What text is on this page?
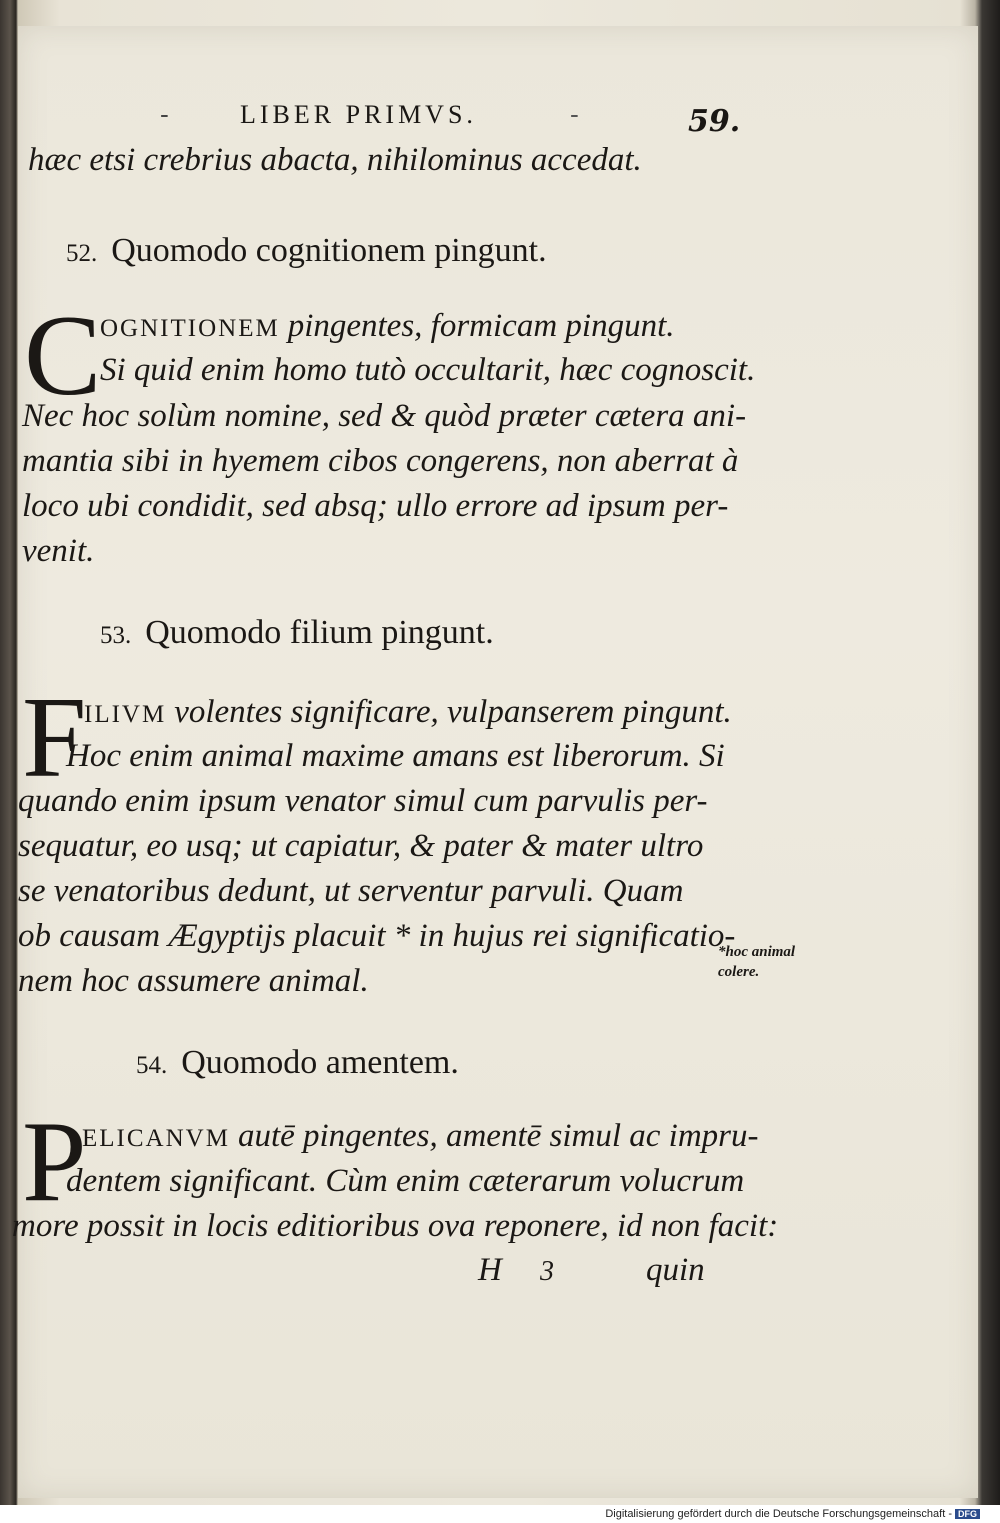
-	LIBER PRIMVS.	-	59.
hæc etsi crebrius abacta, nihilominus accedat.
52. Quomodo cognitionem pingunt.
C
OGNITIONEM pingentes, formicam pingunt.
Si quid enim homo tutò occultarit, hæc cognoscit.
Nec hoc solùm nomine, sed & quòd præter cætera ani-
mantia sibi in hyemem cibos congerens, non aberrat à
loco ubi condidit, sed absq; ullo errore ad ipsum per-
venit.
53. Quomodo filium pingunt.
F
ILIVM volentes significare, vulpanserem pingunt.
Hoc enim animal maxime amans est liberorum. Si
quando enim ipsum venator simul cum parvulis per-
sequatur, eo usq; ut capiatur, & pater & mater ultro
se venatoribus dedunt, ut serventur parvuli. Quam
ob causam Ægyptijs placuit * in hujus rei significatio-
nem hoc assumere animal.
*hoc animal
colere.
54. Quomodo amentem.
P
ELICANVM autē pingentes, amentē simul ac impru-
dentem significant. Cùm enim cæterarum volucrum
more possit in locis editioribus ova reponere, id non facit:
H 3	quin
Digitalisierung gefördert durch die Deutsche Forschungsgemeinschaft - DFG
